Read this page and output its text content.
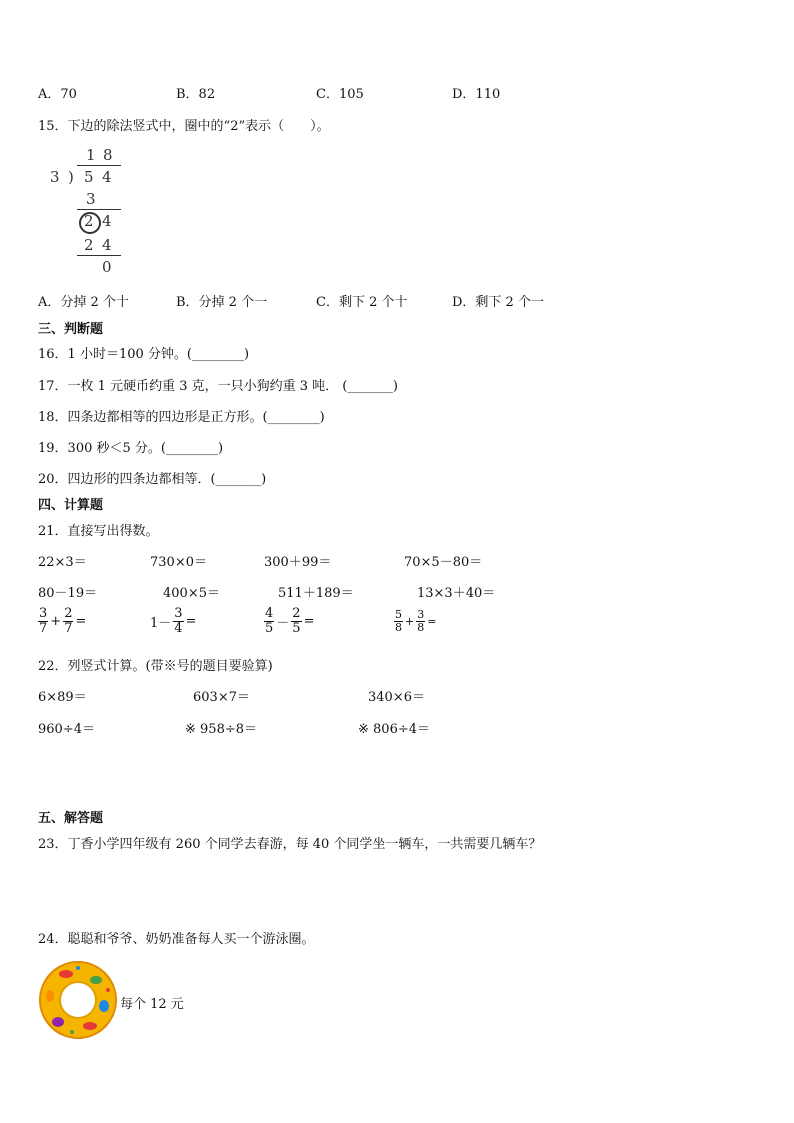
A．70	B．82	C．105	D．110
15．下边的除法竖式中，圈中的“2”表示（　　）。
1 8
3 ) 5 4
3
2 4
2 4
0
A．分掉 2 个十	B．分掉 2 个一	C．剩下 2 个十	D．剩下 2 个一
三、判断题
16．1 小时＝100 分钟。(________)
17．一枚 1 元硬币约重 3 克，一只小狗约重 3 吨． (_______)
18．四条边都相等的四边形是正方形。(________)
19．300 秒＜5 分。(________)
20．四边形的四条边都相等．(_______)
四、计算题
21．直接写出得数。
22×3＝	730×0＝	300＋99＝	70×5－80＝
80－19＝	400×5＝	511＋189＝	13×3＋40＝
$\frac{3}{7} + \frac{2}{7}$ =	$1- \frac{3}{4}$ =	$\frac{4}{5} - \frac{2}{5}$ =	$\frac{5}{8} + \frac{3}{8}$ =
22．列竖式计算。(带※号的题目要验算)
6×89＝	603×7＝	340×6＝
960÷4＝	※ 958÷8＝	※ 806÷4＝
五、解答题
23．丁香小学四年级有 260 个同学去春游，每 40 个同学坐一辆车，一共需要几辆车？
24．聪聪和爷爷、奶奶准备每人买一个游泳圈。
每个 12 元
